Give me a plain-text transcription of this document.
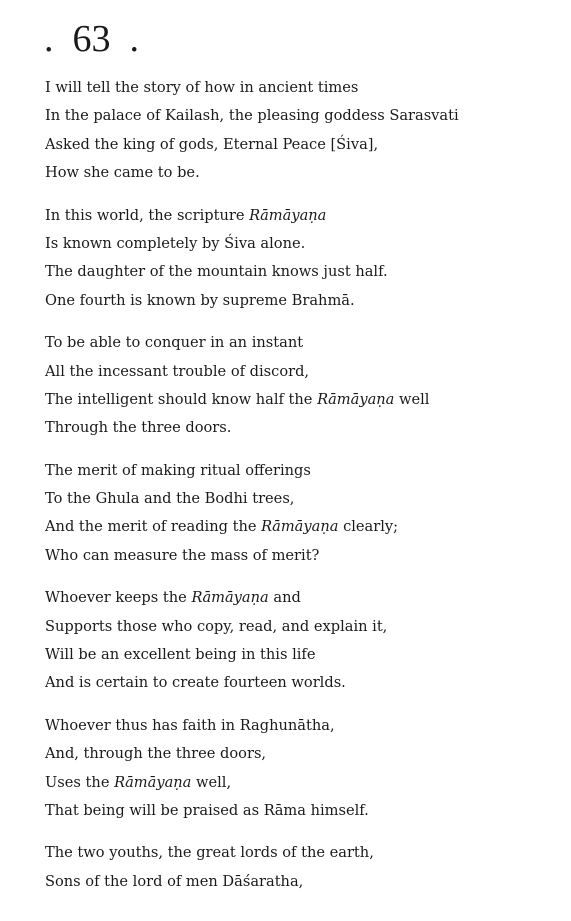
.  63  .
I will tell the story of how in ancient times
In the palace of Kailash, the pleasing goddess Sarasvati
Asked the king of gods, Eternal Peace [Śiva],
How she came to be.
In this world, the scripture Rāmāyaṇa
Is known completely by Śiva alone.
The daughter of the mountain knows just half.
One fourth is known by supreme Brahmā.
To be able to conquer in an instant
All the incessant trouble of discord,
The intelligent should know half the Rāmāyaṇa well
Through the three doors.
The merit of making ritual offerings
To the Ghula and the Bodhi trees,
And the merit of reading the Rāmāyaṇa clearly;
Who can measure the mass of merit?
Whoever keeps the Rāmāyaṇa and
Supports those who copy, read, and explain it,
Will be an excellent being in this life
And is certain to create fourteen worlds.
Whoever thus has faith in Raghunātha,
And, through the three doors,
Uses the Rāmāyaṇa well,
That being will be praised as Rāma himself.
The two youths, the great lords of the earth,
Sons of the lord of men Dāśaratha,
